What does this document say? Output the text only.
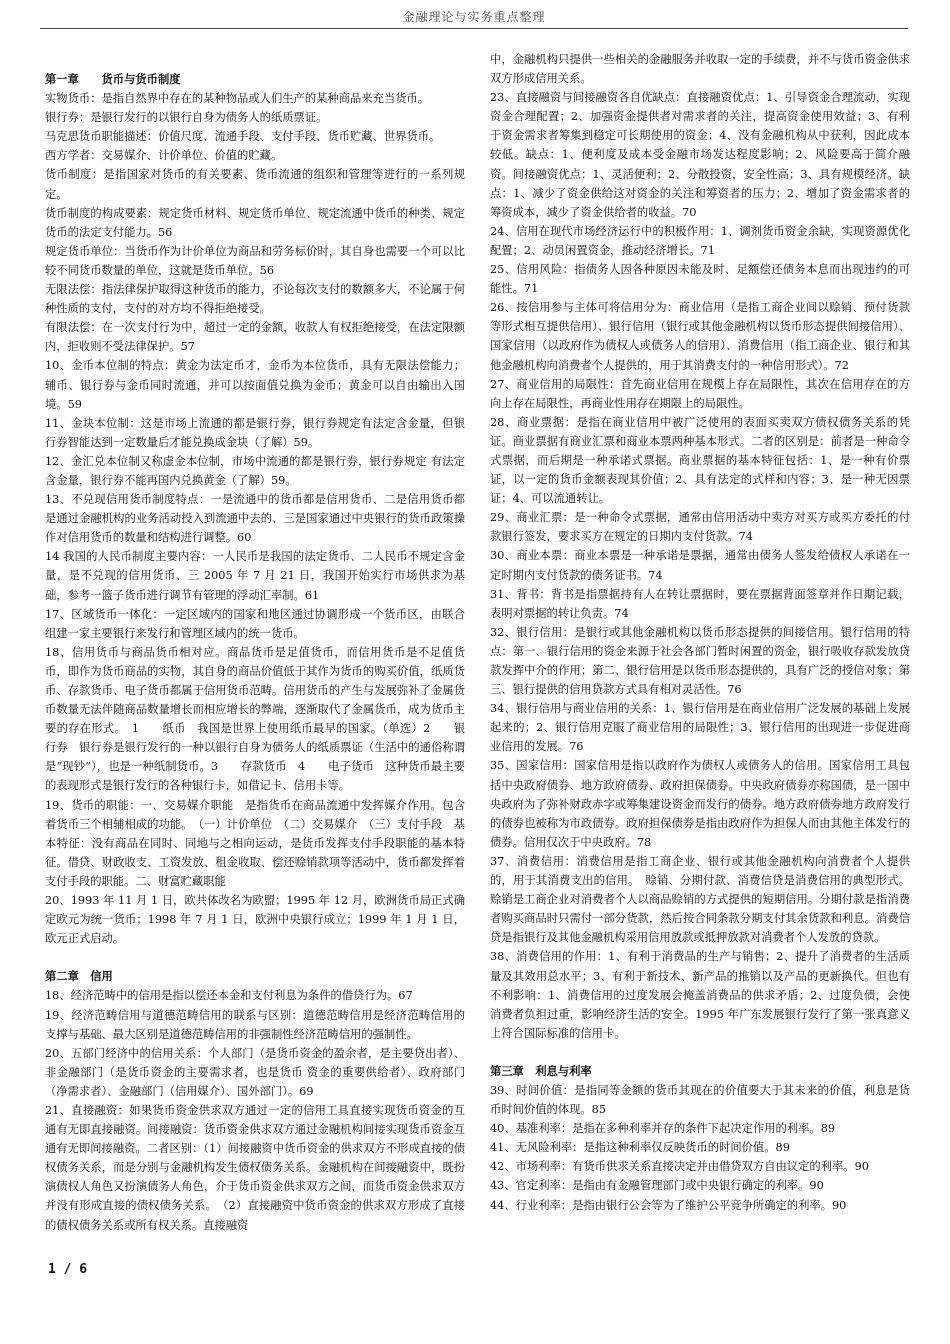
金融理论与实务重点整理

第一章　　货币与货币制度

实物货币：是指自然界中存在的某种物品或人们生产的某种商品来充当货币。

银行券：是银行发行的以银行自身为债务人的纸质票证。

马克思货币职能描述：价值尺度、流通手段、支付手段、货币贮藏、世界货币。

西方学者：交易媒介、计价单位、价值的贮藏。

货币制度：是指国家对货币的有关要素、货币流通的组织和管理等进行的一系列规定。

货币制度的构成要素：规定货币材料、规定货币单位、规定流通中货币的种类、规定货币的法定支付能力。56

规定货币单位：当货币作为计价单位为商品和劳务标价时，其自身也需要一个可以比较不同货币数量的单位，这就是货币单位。56

无限法偿：指法律保护取得这种货币的能力，不论每次支付的数额多大，不论属于何种性质的支付，支付的对方均不得拒绝接受。

有限法偿：在一次支付行为中，超过一定的金额，收款人有权拒绝接受，在法定限额内，拒收则不受法律保护。57

10、金币本位制的特点：黄金为法定币才，金币为本位货币，具有无限法偿能力；辅币、银行券与金币同时流通，并可以按面值兑换为金币；黄金可以自由输出入国境。59

11、金块本位制：这是市场上流通的都是银行券，银行券规定有法定含金量，但银行券智能达到一定数量后才能兑换成金块（了解）59。

12、金汇兑本位制又称虚金本位制，市场中流通的都是银行券，银行券规定 有法定含金量，银行券不能再国内兑换黄金（了解）59。

13、不兑现信用货币制度特点：一是流通中的货币都是信用货币、二是信用货币都是通过金融机构的业务活动投入到流通中去的、三是国家通过中央银行的货币政策操作对信用货币的数量和结构进行调整。60

14 我国的人民币制度主要内容：一人民币是我国的法定货币、二人民币不规定含金量，是不兑现的信用货币、三 2005 年 7 月 21 日，我国开始实行市场供求为基础，参考一篮子货币进行调节有管理的浮动汇率制。61

17、区域货币一体化：一定区域内的国家和地区通过协调形成一个货币区，由联合组建一家主要银行来发行和管理区域内的统一货币。

18、信用货币与商品货币相对应。商品货币是足值货币，而信用货币是不足值货币，即作为货币商品的实物，其自身的商品价值低于其作为货币的购买价值，纸质货币、存款货币、电子货币都属于信用货币范畴。信用货币的产生与发展弥补了金属货币数量无法伴随商品数量增长而相应增长的弊端，逐渐取代了金属货币，成为货币主要的存在形式。　1　　纸币　我国是世界上使用纸币最早的国家。（单选）2　　银行券　银行券是银行发行的一种以银行自身为债务人的纸质票证（生活中的通俗称谓是“现钞”），也是一种纸制货币。3　　存款货币　4　　电子货币　这种货币最主要的表现形式是银行发行的各种银行卡，如借记卡、信用卡等。

19、货币的职能：一、交易媒介职能　是指货币在商品流通中发挥媒介作用。包含着货币三个相辅相成的功能。　（一）计价单位　（二）交易媒介　（三）支付手段　基本特征：没有商品在同时、同地与之相向运动，是货币发挥支付手段职能的基本特征。借贷、财政收支、工资发放、租金收取、偿还赊销款项等活动中，货币都发挥着支付手段的职能。二、财富贮藏职能

20、1993 年 11 月 1 日，欧共体改名为欧盟；1995 年 12 月，欧洲货币局正式确定欧元为统一货币；1998 年 7 月 1 日，欧洲中央银行成立；1999 年 1 月 1 日，欧元正式启动。

第二章　信用

18、经济范畴中的信用是指以偿还本金和支付利息为条件的借贷行为。67

19、经济范畴信用与道德范畴信用的联系与区别：道德范畴信用是经济范畴信用的支撑与基础、最大区别是道德范畴信用的非强制性经济范畴信用的强制性。

20、五部门经济中的信用关系：个人部门（是货币资金的盈余者，是主要贷出者）、非金融部门（是货币资金的主要需求者，也是货币 资金的重要供给者）、政府部门（净需求者）、金融部门（信用媒介）、国外部门）。69

21、直接融资：如果货币资金供求双方通过一定的信用工具直接实现货币资金的互通有无即直接融资。间接融资：货币资金供求双方通过金融机构间接实现货币资金互通有无即间接融资。二者区别：（1）间接融资中货币资金的供求双方不形成直接的债权债务关系，而是分别与金融机构发生债权债务关系。金融机构在间接融资中，既扮演债权人角色又扮演债务人角色，介于货币资金供求双方之间，而货币资金供求双方并没有形成直接的债权债务关系。　（2）直接融资中货币资金的供求双方形成了直接的债权债务关系或所有权关系。直接融资

中，金融机构只提供一些相关的金融服务并收取一定的手续费，并不与货币资金供求双方形成信用关系。

23、直接融资与间接融资各自优缺点：直接融资优点：1、引导资金合理流动，实现资金合理配置；2、加强资金提供者对需求者的关注，提高资金使用效益；3、有利于资金需求者筹集到稳定可长期使用的资金；4、没有金融机构从中获利，因此成本较低。缺点：1、便利度及成本受金融市场发达程度影响；2、风险要高于简介融资。间接融资优点：1、灵活便利；2、分散投资，安全性高；3、具有规模经济。缺点：1、减少了资金供给这对资金的关注和筹资者的压力；2、增加了资金需求者的筹资成本，减少了资金供给者的收益。70

24、信用在现代市场经济运行中的积极作用：1、调剂货币资金余缺，实现资源优化配置；2、动员闲置资金，推动经济增长。71

25、信用风险：指债务人因各种原因未能及时、足额偿还债务本息而出现违约的可能性。71

26、按信用参与主体可将信用分为：商业信用（是指工商企业间以赊销、预付货款等形式相互提供信用）、银行信用（银行或其他金融机构以货币形态提供间接信用）、国家信用（以政府作为债权人或债务人的信用）、消费信用（指工商企业、银行和其他金融机构向消费者个人提供的，用于其消费支付的一种信用形式）。72

27、商业信用的局限性：首先商业信用在规模上存在局限性，其次在信用存在的方向上存在局限性，再商业性用存在期限上的局限性。

28、商业票据：是指在商业信用中被广泛使用的表面买卖双方债权债务关系的凭证。商业票据有商业汇票和商业本票两种基本形式。二者的区别是：前者是一种命令式票据，而后期是一种承诺式票据。商业票据的基本特征包括：1、是一种有价票证，以一定的货币金额表现其价值；2、具有法定的式样和内容；3、是一种无因票证；4、可以流通转让。

29、商业汇票：是一种命令式票据，通常由信用活动中卖方对买方或买方委托的付款银行签发，要求买方在规定的日期内支付货款。74

30、商业本票：商业本票是一种承诺是票据，通常由债务人签发给债权人承诺在一定时期内支付货款的债务证书。74

31、背书：背书是指票据持有人在转让票据时，要在票据背面签章并作日期记载，表明对票据的转让负责。74

32、银行信用：是银行或其他金融机构以货币形态提供的间接信用。银行信用的特点：第一、银行信用的资金来源于社会各部门暂时闲置的资金，银行吸收存款发放贷款发挥中介的作用；第二、银行信用是以货币形态提供的，具有广泛的授信对象；第三、银行提供的信用贷款方式具有相对灵活性。76

34、银行信用与商业信用的关系：1、银行信用是在商业信用广泛发展的基础上发展起来的；2、银行信用克服了商业信用的局限性；3、银行信用的出现进一步促进商业信用的发展。76

35、国家信用：国家信用是指以政府作为债权人或债务人的信用。国家信用工具包括中央政府债券、地方政府债券、政府担保债券。中央政府债券亦称国债，是一国中央政府为了弥补财政赤字或筹集建设资金而发行的债券。地方政府债券地方政府发行的债券也被称为市政债券。政府担保债券是指由政府作为担保人而由其他主体发行的债券。信用仅次于中央政府。78

37、消费信用：消费信用是指工商企业、银行或其他金融机构向消费者个人提供的，用于其消费支出的信用。　赊销、分期付款、消费信贷是消费信用的典型形式。赊销是工商企业对消费者个人以商品赊销的方式提供的短期信用。分期付款是指消费者购买商品时只需付一部分货款，然后按合同条款分期支付其余货款和利息。消费信贷是指银行及其他金融机构采用信用放款或抵押放款对消费者个人发放的贷款。

38、消费信用的作用：1、有利于消费品的生产与销售；2、提升了消费者的生活质量及其效用总水平；3、有利于新技术、新产品的推销以及产品的更新换代。但也有不利影响：1、消费信用的过度发展会掩盖消费品的供求矛盾；2、过度负债，会使消费者负担过重，影响经济生活的安全。1995 年广东发展银行发行了第一张真意义上符合国际标准的信用卡。

第三章　利息与利率

39、时间价值：是指同等金额的货币其现在的价值要大于其未来的价值，利息是货币时间价值的体现。85

40、基准利率：是指在多种利率并存的条件下起决定作用的利率。89

41、无风险利率：是指这种利率仅反映货币的时间价值。89

42、市场利率：有货币供求关系直接决定并由借贷双方自由议定的利率。90

43、官定利率：是指由有金融管理部门或中央银行确定的利率。90

44、行业利率：是指由银行公会等为了维护公平竞争所确定的利率。90

1 / 6
